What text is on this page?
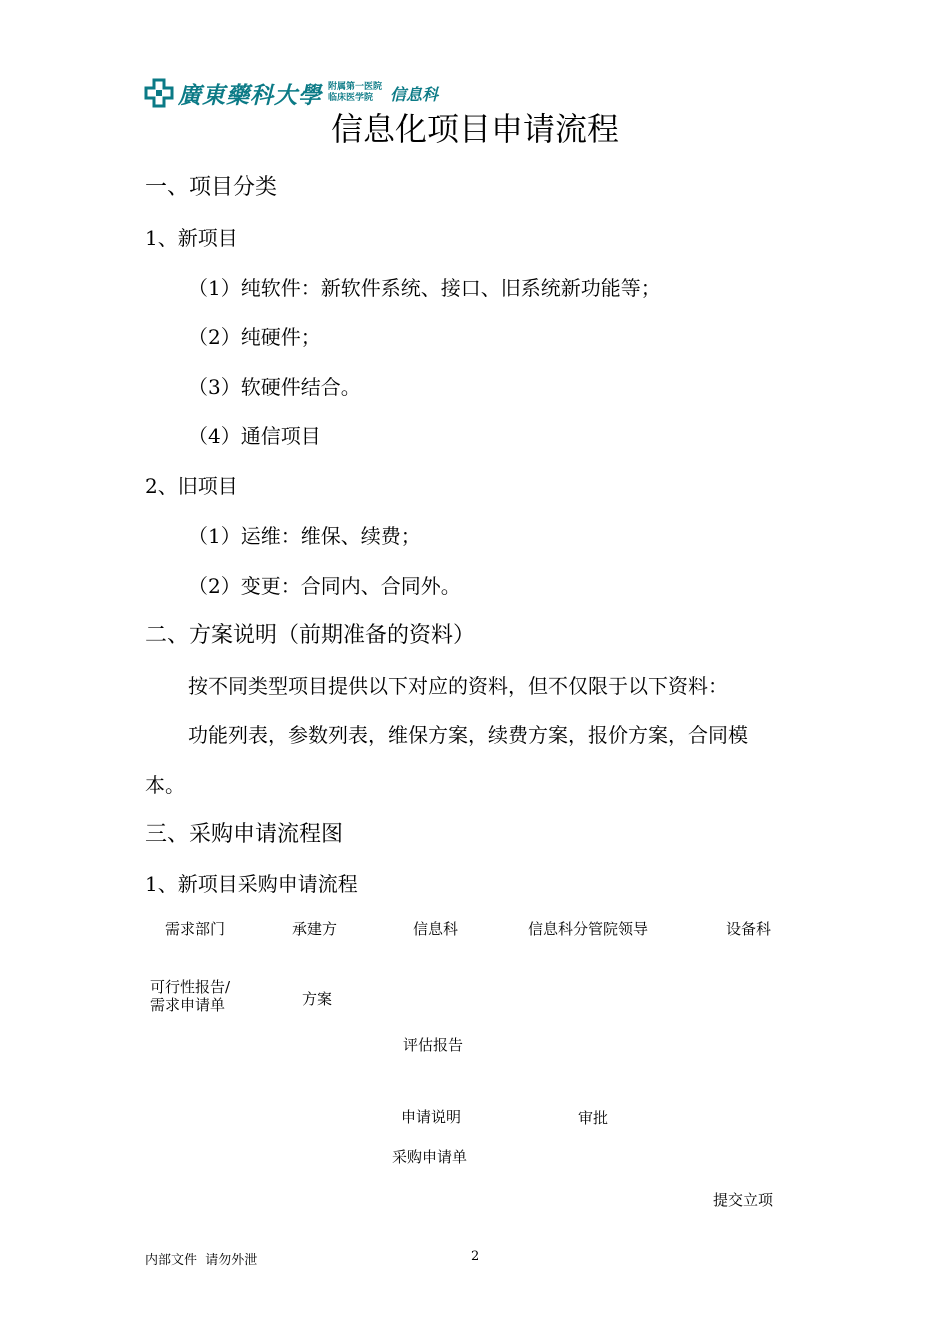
廣東藥科大學 附属第一医院
临床医学院	信息科
信息化项目申请流程
一、项目分类
1、新项目
（1）纯软件：新软件系统、接口、旧系统新功能等；
（2）纯硬件；
（3）软硬件结合。
（4）通信项目
2、旧项目
（1）运维：维保、续费；
（2）变更：合同内、合同外。
二、方案说明（前期准备的资料）
按不同类型项目提供以下对应的资料，但不仅限于以下资料：
功能列表，参数列表，维保方案，续费方案，报价方案，合同模
本。
三、采购申请流程图
1、新项目采购申请流程
需求部门	承建方	信息科	信息科分管院领导	设备科
可行性报告/
需求申请单	方案
评估报告
申请说明	审批
采购申请单
提交立项
内部文件  请勿外泄	2
